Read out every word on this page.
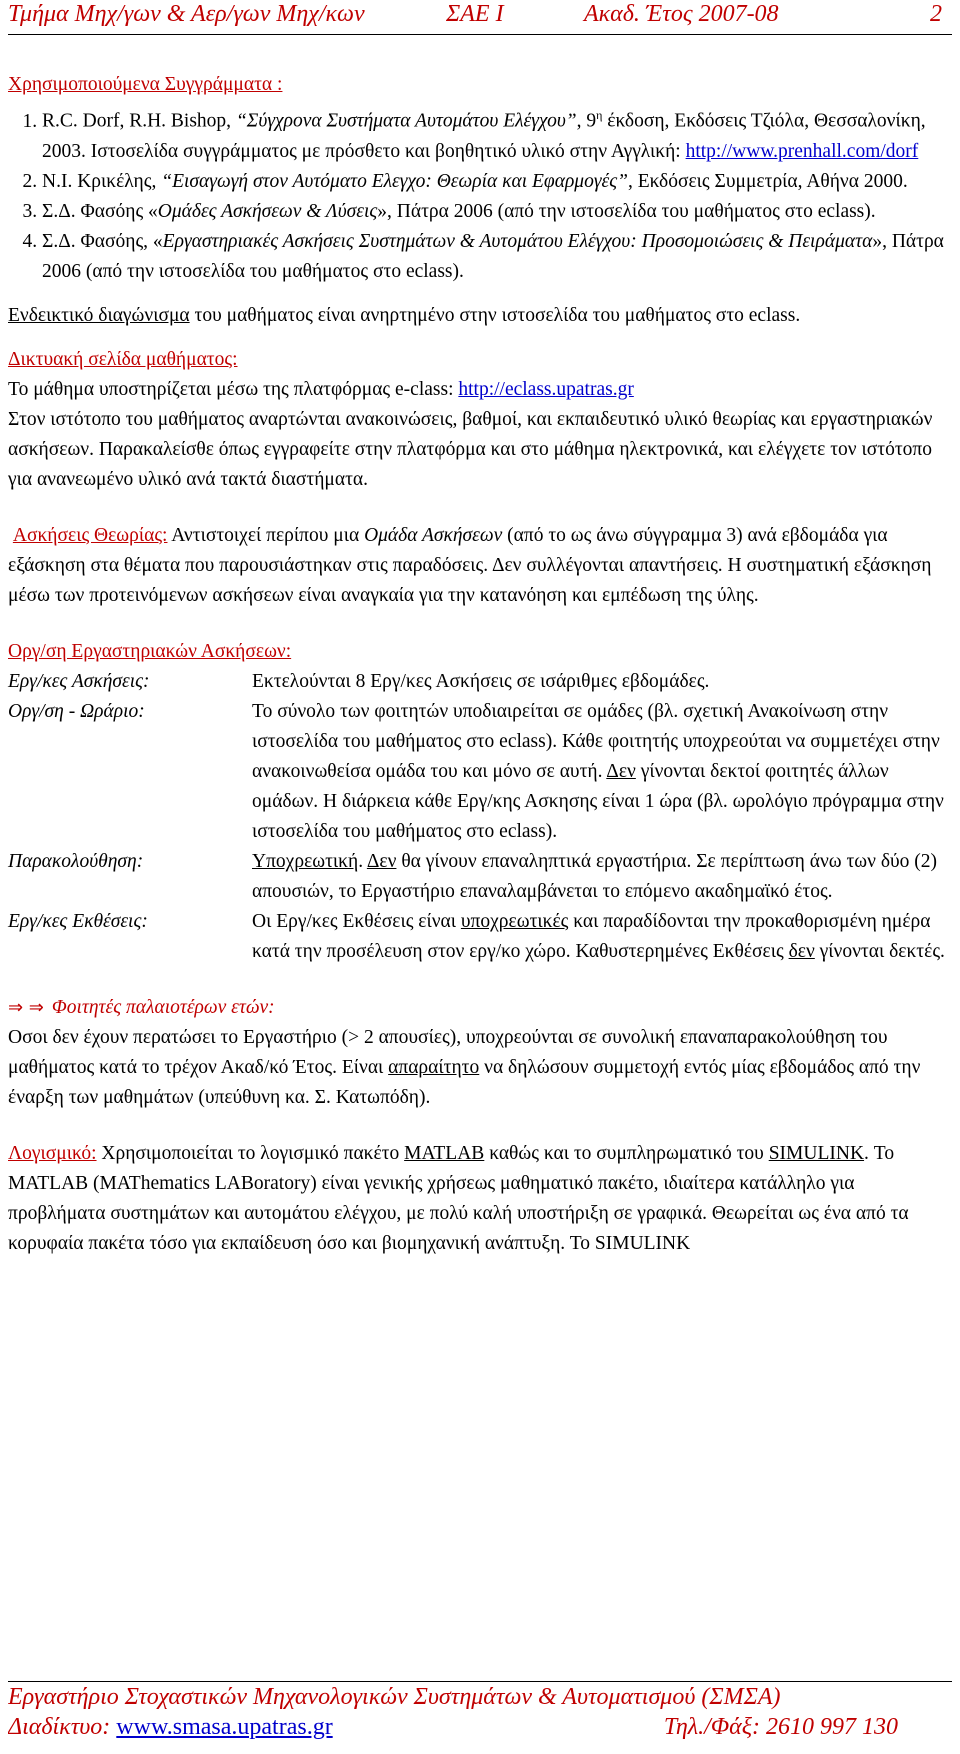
Τμήμα Μηχ/γων & Αερ/γων Μηχ/κων	ΣΑΕ Ι	Ακαδ. Έτος 2007-08	2

Χρησιμοποιούμενα Συγγράμματα :

1. R.C. Dorf, R.H. Bishop, “Σύγχρονα Συστήματα Αυτομάτου Ελέγχου”, $9^\eta$ έκδοση, Εκδόσεις Τζιόλα, Θεσσαλονίκη, 2003. Ιστοσελίδα συγγράμματος με πρόσθετο και βοηθητικό υλικό στην Αγγλική: http://www.prenhall.com/dorf
2. Ν.Ι. Κρικέλης, “Εισαγωγή στον Αυτόματο Ελεγχο: Θεωρία και Εφαρμογές”, Εκδόσεις Συμμετρία, Αθήνα 2000.
3. Σ.Δ. Φασόης «Ομάδες Ασκήσεων & Λύσεις», Πάτρα 2006 (από την ιστοσελίδα του μαθήματος στο eclass).
4. Σ.Δ. Φασόης, «Εργαστηριακές Ασκήσεις Συστημάτων & Αυτομάτου Ελέγχου: Προσομοιώσεις & Πειράματα», Πάτρα 2006 (από την ιστοσελίδα του μαθήματος στο eclass).

Ενδεικτικό διαγώνισμα του μαθήματος είναι ανηρτημένο στην ιστοσελίδα του μαθήματος στο eclass.

Δικτυακή σελίδα μαθήματος:

Το μάθημα υποστηρίζεται μέσω της πλατφόρμας e-class: http://eclass.upatras.gr

Στον ιστότοπο του μαθήματος αναρτώνται ανακοινώσεις, βαθμοί, και εκπαιδευτικό υλικό θεωρίας και εργαστηριακών ασκήσεων. Παρακαλείσθε όπως εγγραφείτε στην πλατφόρμα και στο μάθημα ηλεκτρονικά, και ελέγχετε τον ιστότοπο για ανανεωμένο υλικό ανά τακτά διαστήματα.

Ασκήσεις Θεωρίας: Αντιστοιχεί περίπου μια Ομάδα Ασκήσεων (από το ως άνω σύγγραμμα 3) ανά εβδομάδα για εξάσκηση στα θέματα που παρουσιάστηκαν στις παραδόσεις. Δεν συλλέγονται απαντήσεις. Η συστηματική εξάσκηση μέσω των προτεινόμενων ασκήσεων είναι αναγκαία για την κατανόηση και εμπέδωση της ύλης.

Οργ/ση Εργαστηριακών Ασκήσεων:

Εργ/κες Ασκήσεις:	Εκτελούνται 8 Εργ/κες Ασκήσεις σε ισάριθμες εβδομάδες.
Οργ/ση - Ωράριο:	Το σύνολο των φοιτητών υποδιαιρείται σε ομάδες (βλ. σχετική Ανακοίνωση στην ιστοσελίδα του μαθήματος στο eclass). Κάθε φοιτητής υποχρεούται να συμμετέχει στην ανακοινωθείσα ομάδα του και μόνο σε αυτή. Δεν γίνονται δεκτοί φοιτητές άλλων ομάδων. Η διάρκεια κάθε Εργ/κης Ασκησης είναι 1 ώρα (βλ. ωρολόγιο πρόγραμμα στην ιστοσελίδα του μαθήματος στο eclass).
Παρακολούθηση:	Υποχρεωτική. Δεν θα γίνουν επαναληπτικά εργαστήρια. Σε περίπτωση άνω των δύο (2) απουσιών, το Εργαστήριο επαναλαμβάνεται το επόμενο ακαδημαϊκό έτος.
Εργ/κες Εκθέσεις:	Οι Εργ/κες Εκθέσεις είναι υποχρεωτικές και παραδίδονται την προκαθορισμένη ημέρα κατά την προσέλευση στον εργ/κο χώρο. Καθυστερημένες Εκθέσεις δεν γίνονται δεκτές.

⇒ ⇒ Φοιτητές παλαιοτέρων ετών:

Οσοι δεν έχουν περατώσει το Εργαστήριο (> 2 απουσίες), υποχρεούνται σε συνολική επαναπαρακολούθηση του μαθήματος κατά το τρέχον Ακαδ/κό Έτος. Είναι απαραίτητο να δηλώσουν συμμετοχή εντός μίας εβδομάδος από την έναρξη των μαθημάτων (υπεύθυνη κα. Σ. Κατωπόδη).

Λογισμικό: Χρησιμοποιείται το λογισμικό πακέτο MATLAB καθώς και το συμπληρωματικό του SIMULINK. Το MATLAB (MAThematics LABoratory) είναι γενικής χρήσεως μαθηματικό πακέτο, ιδιαίτερα κατάλληλο για προβλήματα συστημάτων και αυτομάτου ελέγχου, με πολύ καλή υποστήριξη σε γραφικά. Θεωρείται ως ένα από τα κορυφαία πακέτα τόσο για εκπαίδευση όσο και βιομηχανική ανάπτυξη. Το SIMULINK

Εργαστήριο Στοχαστικών Μηχανολογικών Συστημάτων & Αυτοματισμού (ΣΜΣΑ)
Διαδίκτυο: www.smasa.upatras.gr	Τηλ./Φάξ: 2610 997 130
